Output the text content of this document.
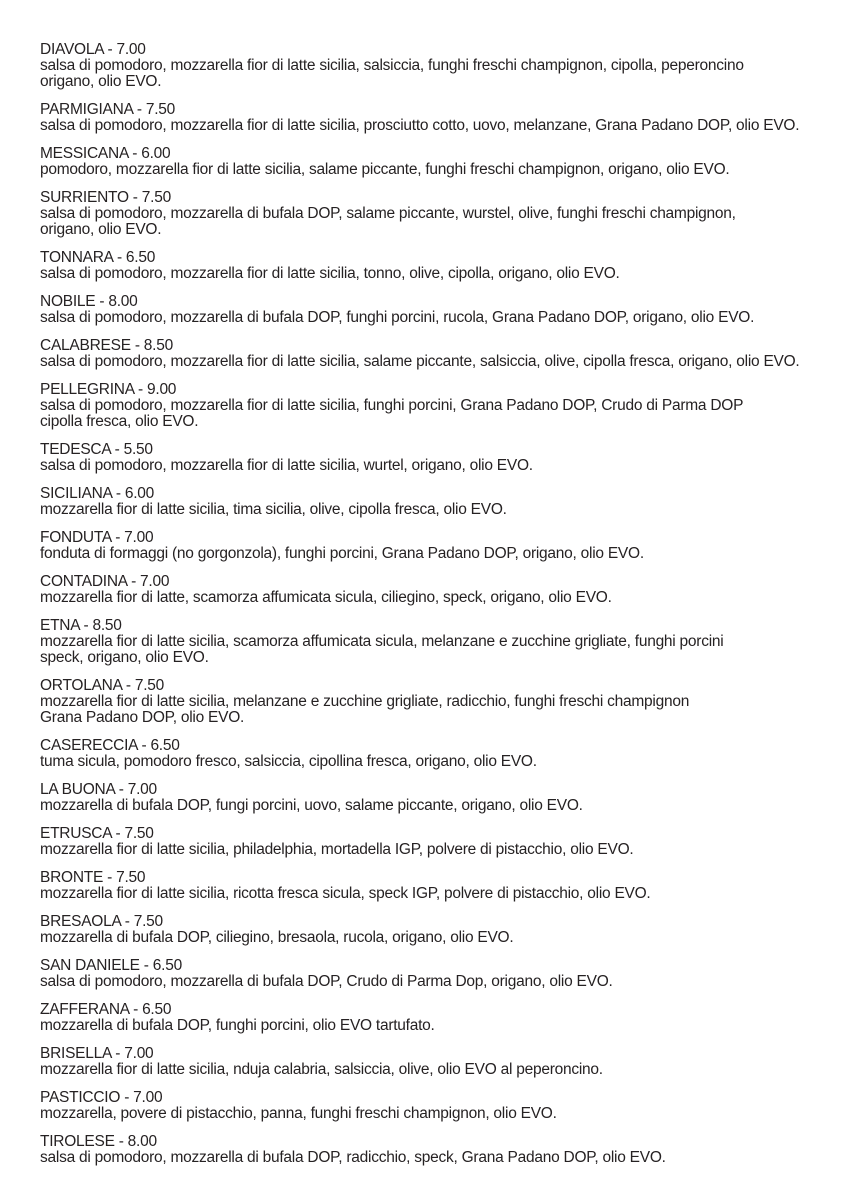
DIAVOLA - 7.00
salsa di pomodoro, mozzarella fior di latte sicilia, salsiccia, funghi freschi champignon, cipolla, peperoncino
origano, olio EVO.
PARMIGIANA - 7.50
salsa di pomodoro, mozzarella fior di latte sicilia, prosciutto cotto, uovo, melanzane, Grana Padano DOP, olio EVO.
MESSICANA - 6.00
pomodoro, mozzarella fior di latte sicilia, salame piccante, funghi freschi champignon, origano, olio EVO.
SURRIENTO - 7.50
salsa di pomodoro, mozzarella di bufala DOP, salame piccante, wurstel, olive, funghi freschi champignon,
origano, olio EVO.
TONNARA - 6.50
salsa di pomodoro, mozzarella fior di latte sicilia, tonno, olive, cipolla, origano, olio EVO.
NOBILE - 8.00
salsa di pomodoro, mozzarella di bufala DOP, funghi porcini, rucola, Grana Padano DOP, origano, olio EVO.
CALABRESE - 8.50
salsa di pomodoro, mozzarella fior di latte sicilia, salame piccante, salsiccia, olive, cipolla fresca, origano, olio EVO.
PELLEGRINA - 9.00
salsa di pomodoro, mozzarella fior di latte sicilia, funghi porcini, Grana Padano DOP, Crudo di Parma DOP
cipolla fresca, olio EVO.
TEDESCA - 5.50
salsa di pomodoro, mozzarella fior di latte sicilia, wurtel, origano, olio EVO.
SICILIANA - 6.00
mozzarella fior di latte sicilia, tima sicilia, olive, cipolla fresca, olio EVO.
FONDUTA - 7.00
fonduta di formaggi (no gorgonzola), funghi porcini, Grana Padano DOP, origano, olio EVO.
CONTADINA - 7.00
mozzarella fior di latte, scamorza affumicata sicula, ciliegino, speck, origano, olio EVO.
ETNA - 8.50
mozzarella fior di latte sicilia, scamorza affumicata sicula, melanzane e zucchine grigliate, funghi porcini
speck, origano, olio EVO.
ORTOLANA - 7.50
mozzarella fior di latte sicilia, melanzane e zucchine grigliate, radicchio, funghi freschi champignon
Grana Padano DOP, olio EVO.
CASERECCIA - 6.50
tuma sicula, pomodoro fresco, salsiccia, cipollina fresca, origano, olio EVO.
LA BUONA - 7.00
mozzarella di bufala DOP, fungi porcini, uovo, salame piccante, origano, olio EVO.
ETRUSCA - 7.50
mozzarella fior di latte sicilia, philadelphia, mortadella IGP, polvere di pistacchio, olio EVO.
BRONTE - 7.50
mozzarella fior di latte sicilia, ricotta fresca sicula, speck IGP, polvere di pistacchio, olio EVO.
BRESAOLA - 7.50
mozzarella di bufala DOP, ciliegino, bresaola, rucola, origano, olio EVO.
SAN DANIELE - 6.50
salsa di pomodoro, mozzarella di bufala DOP, Crudo di Parma Dop, origano, olio EVO.
ZAFFERANA - 6.50
mozzarella di bufala DOP, funghi porcini, olio EVO tartufato.
BRISELLA - 7.00
mozzarella fior di latte sicilia, nduja calabria, salsiccia, olive, olio EVO al peperoncino.
PASTICCIO - 7.00
mozzarella, povere di pistacchio, panna, funghi freschi champignon, olio EVO.
TIROLESE - 8.00
salsa di pomodoro, mozzarella di bufala DOP, radicchio, speck, Grana Padano DOP, olio EVO.
